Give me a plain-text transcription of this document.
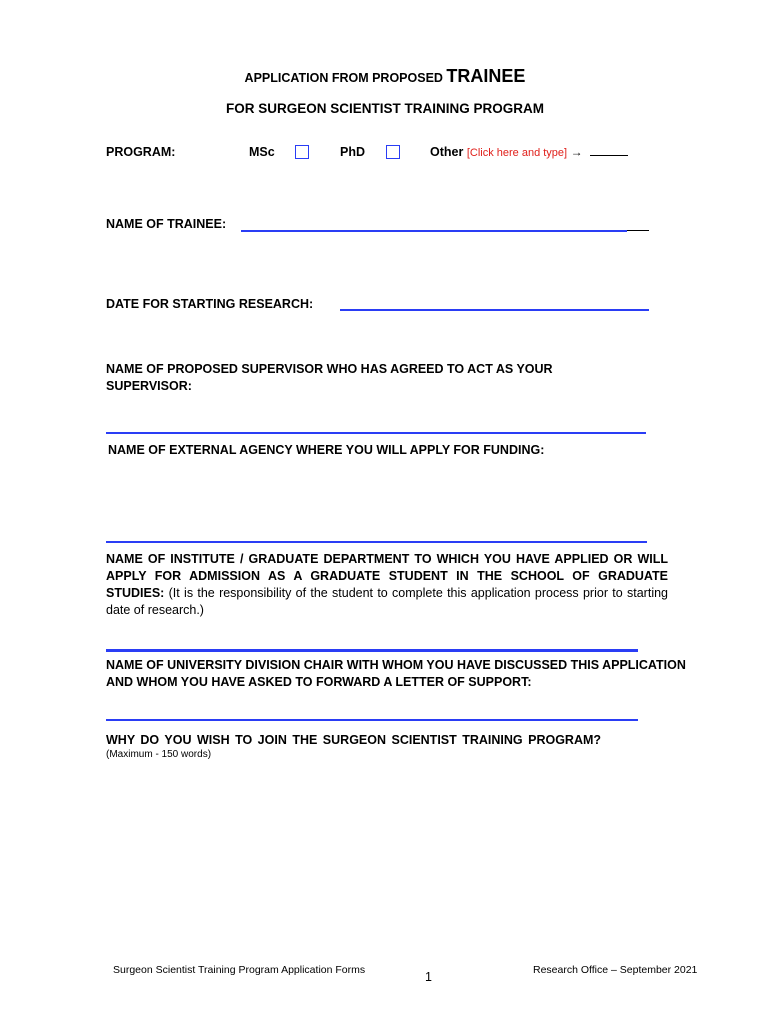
APPLICATION FROM PROPOSED TRAINEE
FOR SURGEON SCIENTIST TRAINING PROGRAM
PROGRAM:	MSc	PhD	Other [Click here and type] →
NAME OF TRAINEE:
DATE FOR STARTING RESEARCH:
NAME OF PROPOSED SUPERVISOR WHO HAS AGREED TO ACT AS YOUR SUPERVISOR:
NAME OF EXTERNAL AGENCY WHERE YOU WILL APPLY FOR FUNDING:
NAME OF INSTITUTE / GRADUATE DEPARTMENT TO WHICH YOU HAVE APPLIED OR WILL APPLY FOR ADMISSION AS A GRADUATE STUDENT IN THE SCHOOL OF GRADUATE STUDIES: (It is the responsibility of the student to complete this application process prior to starting date of research.)
NAME OF UNIVERSITY DIVISION CHAIR WITH WHOM YOU HAVE DISCUSSED THIS APPLICATION AND WHOM YOU HAVE ASKED TO FORWARD A LETTER OF SUPPORT:
WHY DO YOU WISH TO JOIN THE SURGEON SCIENTIST TRAINING PROGRAM?
(Maximum - 150 words)
Surgeon Scientist Training Program Application Forms	1	Research Office – September 2021
